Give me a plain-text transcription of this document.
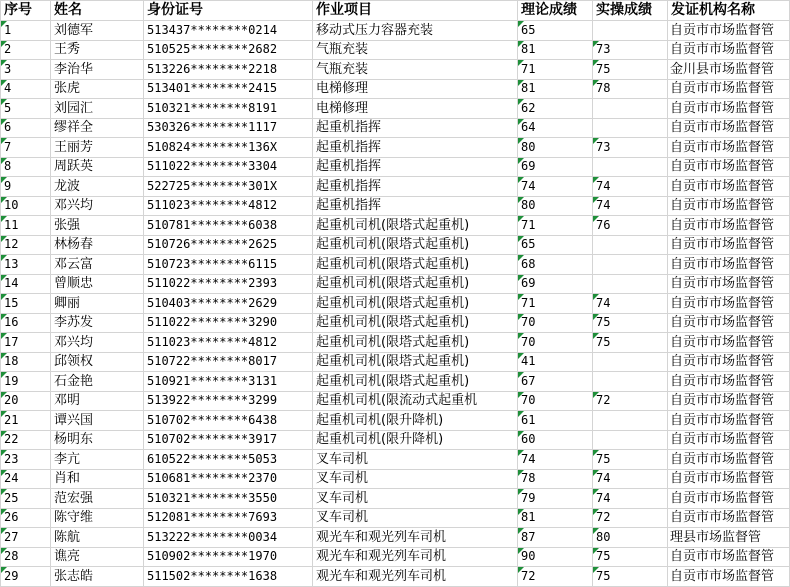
序号	姓名	身份证号	作业项目	理论成绩	实操成绩	发证机构名称
1	刘德军	513437********0214	移动式压力容器充装	65		自贡市市场监督管
2	王秀	510525********2682	气瓶充装	81	73	自贡市市场监督管
3	李治华	513226********2218	气瓶充装	71	75	金川县市场监督管
4	张虎	513401********2415	电梯修理	81	78	自贡市市场监督管
5	刘园汇	510321********8191	电梯修理	62		自贡市市场监督管
6	缪祥全	530326********1117	起重机指挥	64		自贡市市场监督管
7	王丽芳	510824********136X	起重机指挥	80	73	自贡市市场监督管
8	周跃英	511022********3304	起重机指挥	69		自贡市市场监督管
9	龙波	522725********301X	起重机指挥	74	74	自贡市市场监督管
10	邓兴均	511023********4812	起重机指挥	80	74	自贡市市场监督管
11	张强	510781********6038	起重机司机(限塔式起重机)	71	76	自贡市市场监督管
12	林杨春	510726********2625	起重机司机(限塔式起重机)	65		自贡市市场监督管
13	邓云富	510723********6115	起重机司机(限塔式起重机)	68		自贡市市场监督管
14	曾顺忠	511022********2393	起重机司机(限塔式起重机)	69		自贡市市场监督管
15	卿丽	510403********2629	起重机司机(限塔式起重机)	71	74	自贡市市场监督管
16	李苏发	511022********3290	起重机司机(限塔式起重机)	70	75	自贡市市场监督管
17	邓兴均	511023********4812	起重机司机(限塔式起重机)	70	75	自贡市市场监督管
18	邱领权	510722********8017	起重机司机(限塔式起重机)	41		自贡市市场监督管
19	石金艳	510921********3131	起重机司机(限塔式起重机)	67		自贡市市场监督管
20	邓明	513922********3299	起重机司机(限流动式起重机	70	72	自贡市市场监督管
21	谭兴国	510702********6438	起重机司机(限升降机)	61		自贡市市场监督管
22	杨明东	510702********3917	起重机司机(限升降机)	60		自贡市市场监督管
23	李亢	610522********5053	叉车司机	74	75	自贡市市场监督管
24	肖和	510681********2370	叉车司机	78	74	自贡市市场监督管
25	范宏强	510321********3550	叉车司机	79	74	自贡市市场监督管
26	陈守维	512081********7693	叉车司机	81	72	自贡市市场监督管
27	陈航	513222********0034	观光车和观光列车司机	87	80	理县市场监督管
28	谯亮	510902********1970	观光车和观光列车司机	90	75	自贡市市场监督管
29	张志皓	511502********1638	观光车和观光列车司机	72	75	自贡市市场监督管
